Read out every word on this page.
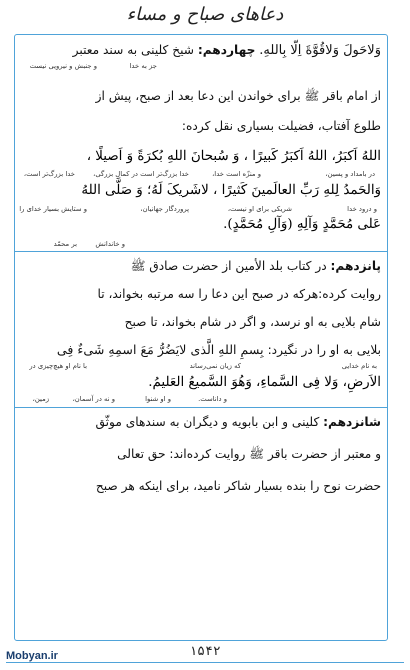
دعاهای صباح و مساء
وَلاحَولَ وَلاقُوَّةَ اِلّا بِاللهِ. چهاردهم: شیخ کلینی به سند معتبر
و جنبش و نیرویی نیست	جز به خدا
از امام باقر ﷺ برای خواندن این دعا بعد از صبح، پیش از
طلوع آفتاب، فضیلت بسیاری نقل کرده:
اللهُ اَکبَرُ، اللهُ اَکبَرُ کَبیرًا ، وَ سُبحانَ اللهِ بُکرَةً وَ اَصیلًا ،
خدا بزرگ‌تر است،	خدا بزرگ‌تر است در کمال بزرگی،	و منزّه است خدا،	در بامداد و پسین،
وَالحَمدُ لِلهِ رَبِّ العالَمینَ کَثیرًا ، لاشَریکَ لَهُ؛ وَ صَلَّی اللهُ
و ستایش بسیار خدای را	پروردگار جهانیان،	شریکی برای او نیست،	و درود خدا
عَلی مُحَمَّدٍ وَآلِهِ (وَآلِ مُحَمَّدٍ).
بر محمّد	و خاندانش
پانزدهم: در کتاب بلد الأمین از حضرت صادق ﷺ
روایت کرده:هرکه در صبح این دعا را سه مرتبه بخواند، تا
شام بلایی به او نرسد، و اگر در شام بخواند، تا صبح
بلایی به او را در نگیرد: بِسمِ اللهِ الَّذی لایَضُرُّ مَعَ اسمِهِ شَیءٌ فِی
با نام او هیچ‌چیزی در	که زیان نمی‌رساند	به نام خدایی
الاَرضِ، وَلا فِی السَّماءِ، وَهُوَ السَّمیعُ العَلیمُ.
زمین،	و نه در آسمان،	و او شنوا	و داناست.
شانزدهم: کلینی و ابن بابویه و دیگران به سندهای موثّق
و معتبر از حضرت باقر ﷺ روایت کرده‌اند: حق تعالی
حضرت نوح را بنده بسیار شاکر نامید، برای اینکه هر صبح
۱۵۴۲
Mobyan.ir
